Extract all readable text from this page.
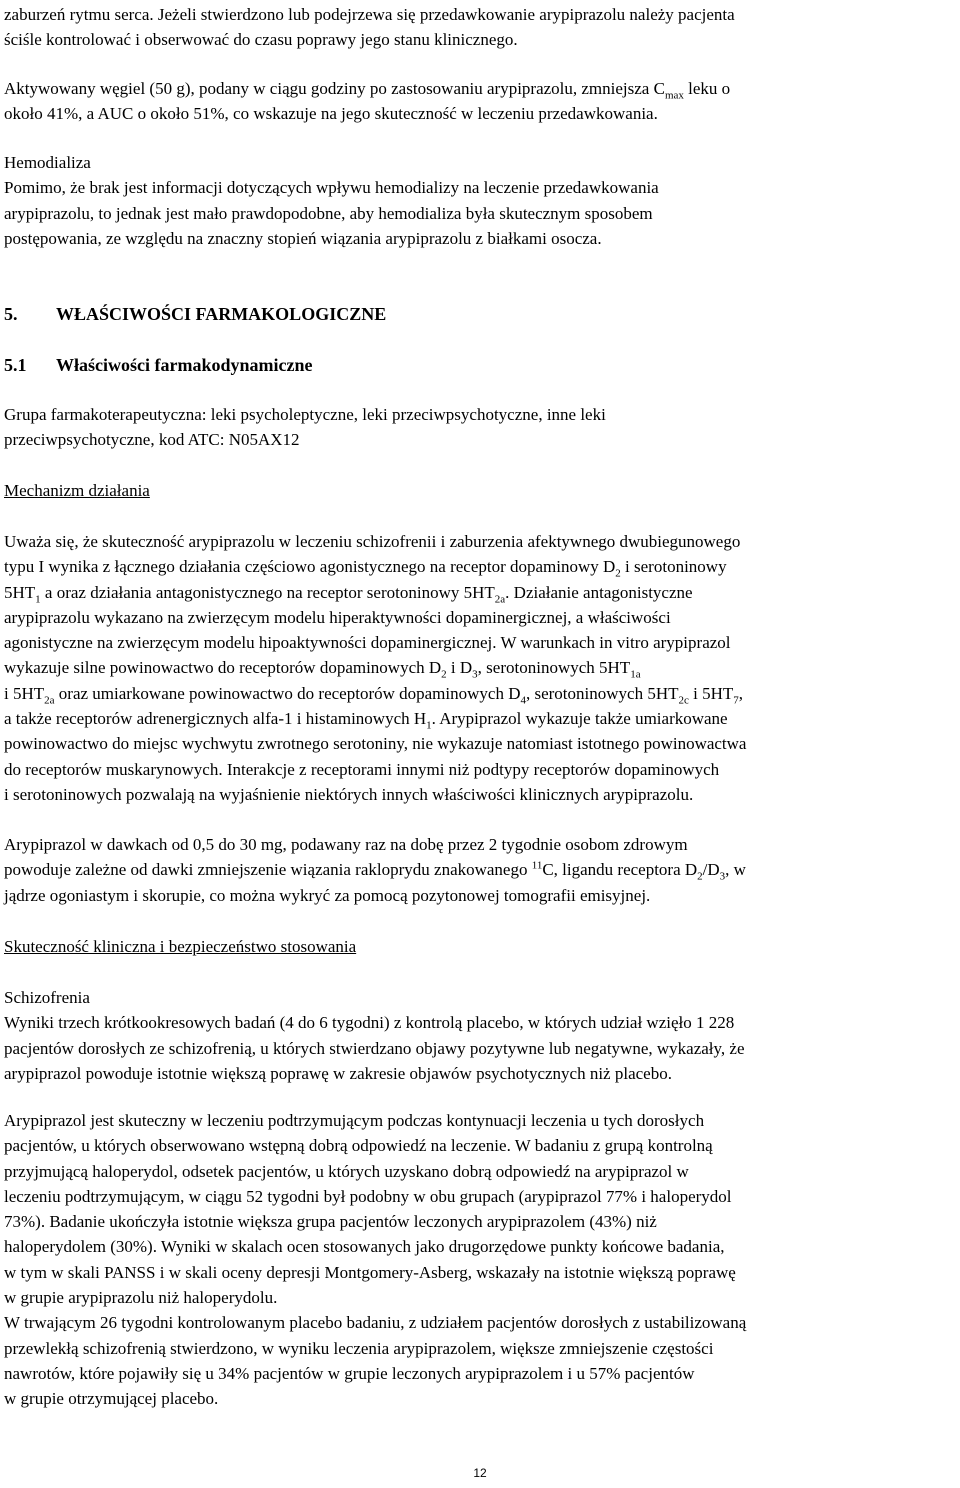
zaburzeń rytmu serca. Jeżeli stwierdzono lub podejrzewa się przedawkowanie arypiprazolu należy pacjenta
ściśle kontrolować i obserwować do czasu poprawy jego stanu klinicznego.

Aktywowany węgiel (50 g), podany w ciągu godziny po zastosowaniu arypiprazolu, zmniejsza $C_{max}$ leku o
około 41%, a AUC o około 51%, co wskazuje na jego skuteczność w leczeniu przedawkowania.

Hemodializa
Pomimo, że brak jest informacji dotyczących wpływu hemodializy na leczenie przedawkowania
arypiprazolu, to jednak jest mało prawdopodobne, aby hemodializa była skutecznym sposobem
postępowania, ze względu na znaczny stopień wiązania arypiprazolu z białkami osocza.

5. WŁAŚCIWOŚCI FARMAKOLOGICZNE
5.1 Właściwości farmakodynamiczne

Grupa farmakoterapeutyczna: leki psycholeptyczne, leki przeciwpsychotyczne, inne leki
przeciwpsychotyczne, kod ATC: N05AX12

Mechanizm działania

Uważa się, że skuteczność arypiprazolu w leczeniu schizofrenii i zaburzenia afektywnego dwubiegunowego
typu I wynika z łącznego działania częściowo agonistycznego na receptor dopaminowy $D_2$ i serotoninowy
$5HT_1$ a oraz działania antagonistycznego na receptor serotoninowy $5HT_{2a}$. Działanie antagonistyczne
arypiprazolu wykazano na zwierzęcym modelu hiperaktywności dopaminergicznej, a właściwości
agonistyczne na zwierzęcym modelu hipoaktywności dopaminergicznej. W warunkach in vitro arypiprazol
wykazuje silne powinowactwo do receptorów dopaminowych $D_2$ i $D_3$, serotoninowych $5HT_{1a}$
i $5HT_{2a}$ oraz umiarkowane powinowactwo do receptorów dopaminowych $D_4$, serotoninowych $5HT_{2c}$ i $5HT_7$,
a także receptorów adrenergicznych alfa-1 i histaminowych $H_1$. Arypiprazol wykazuje także umiarkowane
powinowactwo do miejsc wychwytu zwrotnego serotoniny, nie wykazuje natomiast istotnego powinowactwa
do receptorów muskarynowych. Interakcje z receptorami innymi niż podtypy receptorów dopaminowych
i serotoninowych pozwalają na wyjaśnienie niektórych innych właściwości klinicznych arypiprazolu.

Arypiprazol w dawkach od 0,5 do 30 mg, podawany raz na dobę przez 2 tygodnie osobom zdrowym
powoduje zależne od dawki zmniejszenie wiązania rakloprydu znakowanego $^{11}$C, ligandu receptora $D_2/D_3$, w
jądrze ogoniastym i skorupie, co można wykryć za pomocą pozytonowej tomografii emisyjnej.

Skuteczność kliniczna i bezpieczeństwo stosowania

Schizofrenia
Wyniki trzech krótkookresowych badań (4 do 6 tygodni) z kontrolą placebo, w których udział wzięło 1 228
pacjentów dorosłych ze schizofrenią, u których stwierdzano objawy pozytywne lub negatywne, wykazały, że
arypiprazol powoduje istotnie większą poprawę w zakresie objawów psychotycznych niż placebo.

Arypiprazol jest skuteczny w leczeniu podtrzymującym podczas kontynuacji leczenia u tych dorosłych
pacjentów, u których obserwowano wstępną dobrą odpowiedź na leczenie. W badaniu z grupą kontrolną
przyjmującą haloperydol, odsetek pacjentów, u których uzyskano dobrą odpowiedź na arypiprazol w
leczeniu podtrzymującym, w ciągu 52 tygodni był podobny w obu grupach (arypiprazol 77% i haloperydol
73%). Badanie ukończyła istotnie większa grupa pacjentów leczonych arypiprazolem (43%) niż
haloperydolem (30%). Wyniki w skalach ocen stosowanych jako drugorzędowe punkty końcowe badania,
w tym w skali PANSS i w skali oceny depresji Montgomery-Asberg, wskazały na istotnie większą poprawę
w grupie arypiprazolu niż haloperydolu.
W trwającym 26 tygodni kontrolowanym placebo badaniu, z udziałem pacjentów dorosłych z ustabilizowaną
przewlekłą schizofrenią stwierdzono, w wyniku leczenia arypiprazolem, większe zmniejszenie częstości
nawrotów, które pojawiły się u 34% pacjentów w grupie leczonych arypiprazolem i u 57% pacjentów
w grupie otrzymującej placebo.

12
